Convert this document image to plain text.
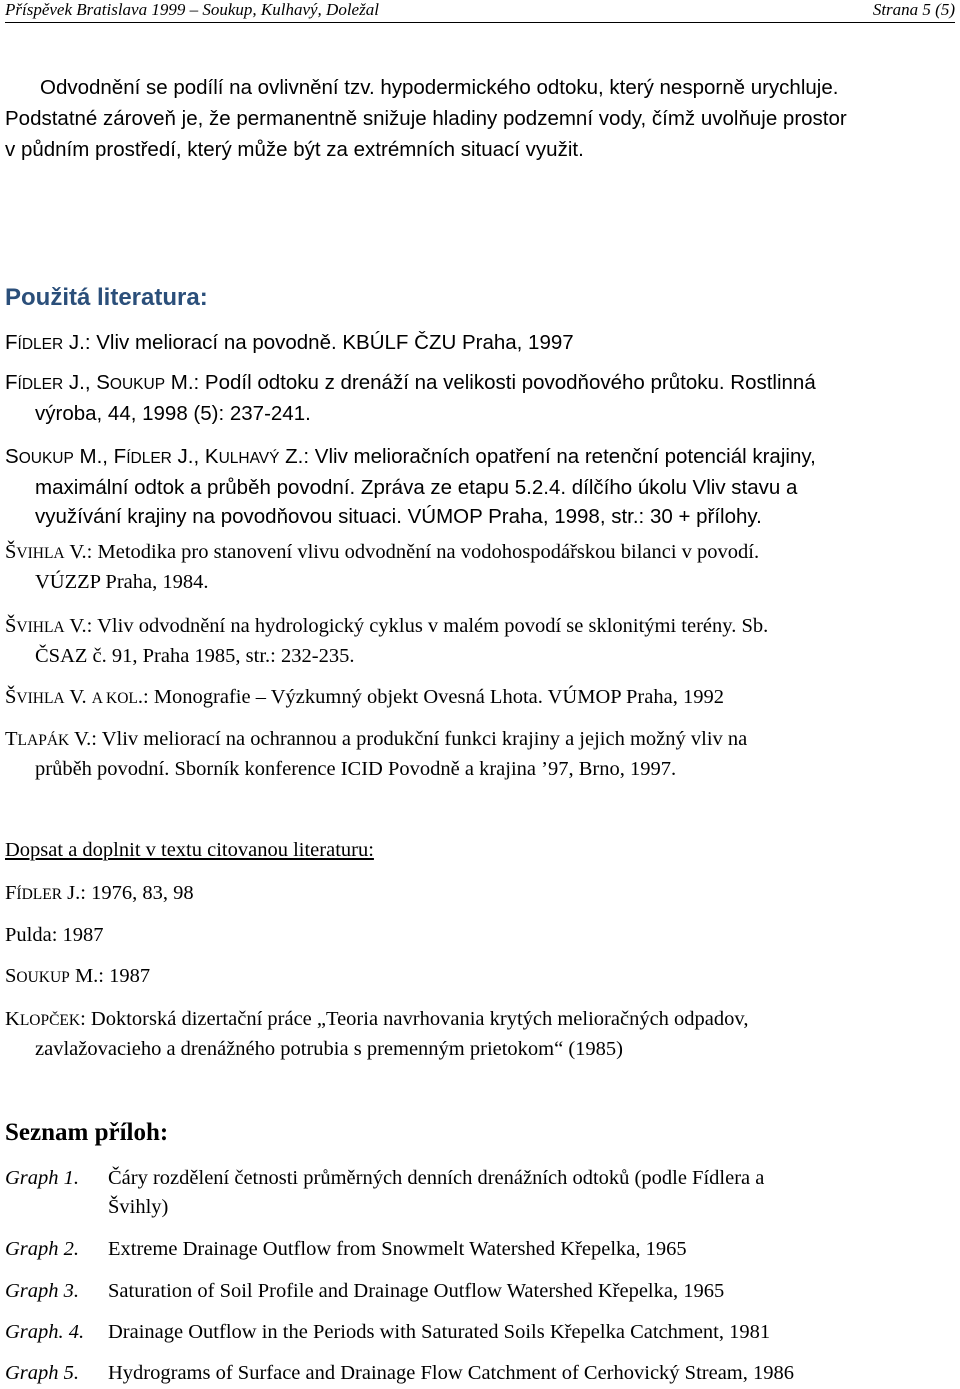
Příspěvek Bratislava 1999 – Soukup, Kulhavý, Doležal	Strana 5 (5)
Odvodnění se podílí na ovlivnění tzv. hypodermického odtoku, který nesporně urychluje.
Podstatné zároveň je, že permanentně snižuje hladiny podzemní vody, čímž uvolňuje prostor
v půdním prostředí, který může být za extrémních situací využit.
Použitá literatura:
FÍDLER J.: Vliv meliorací na povodně. KBÚLF ČZU Praha, 1997
FÍDLER J., SOUKUP M.: Podíl odtoku z drenáží na velikosti povodňového průtoku. Rostlinná
výroba, 44, 1998 (5): 237-241.
SOUKUP M., FÍDLER J., KULHAVÝ Z.: Vliv melioračních opatření na retenční potenciál krajiny,
maximální odtok a průběh povodní. Zpráva ze etapu 5.2.4. dílčího úkolu Vliv stavu a
využívání krajiny na povodňovou situaci. VÚMOP Praha, 1998, str.: 30 + přílohy.
ŠVIHLA V.: Metodika pro stanovení vlivu odvodnění na vodohospodářskou bilanci v povodí.
VÚZZP Praha, 1984.
ŠVIHLA V.: Vliv odvodnění na hydrologický cyklus v malém povodí se sklonitými terény. Sb.
ČSAZ č. 91, Praha 1985, str.: 232-235.
ŠVIHLA V. A KOL.: Monografie – Výzkumný objekt Ovesná Lhota. VÚMOP Praha, 1992
TLAPÁK V.: Vliv meliorací na ochrannou a produkční funkci krajiny a jejich možný vliv na
průběh povodní. Sborník konference ICID Povodně a krajina ’97, Brno, 1997.
Dopsat a doplnit v textu citovanou literaturu:
FÍDLER J.: 1976, 83, 98
Pulda: 1987
SOUKUP M.: 1987
KLOPČEK: Doktorská dizertační práce „Teoria navrhovania krytých melioračných odpadov,
zavlažovacieho a drenážného potrubia s premenným prietokom“ (1985)
Seznam příloh:
Graph 1. Čáry rozdělení četnosti průměrných denních drenážních odtoků (podle Fídlera a
Švihly)
Graph 2. Extreme Drainage Outflow from Snowmelt Watershed Křepelka, 1965
Graph 3. Saturation of Soil Profile and Drainage Outflow Watershed Křepelka, 1965
Graph. 4. Drainage Outflow in the Periods with Saturated Soils Křepelka Catchment, 1981
Graph 5. Hydrograms of Surface and Drainage Flow Catchment of Cerhovický Stream, 1986
